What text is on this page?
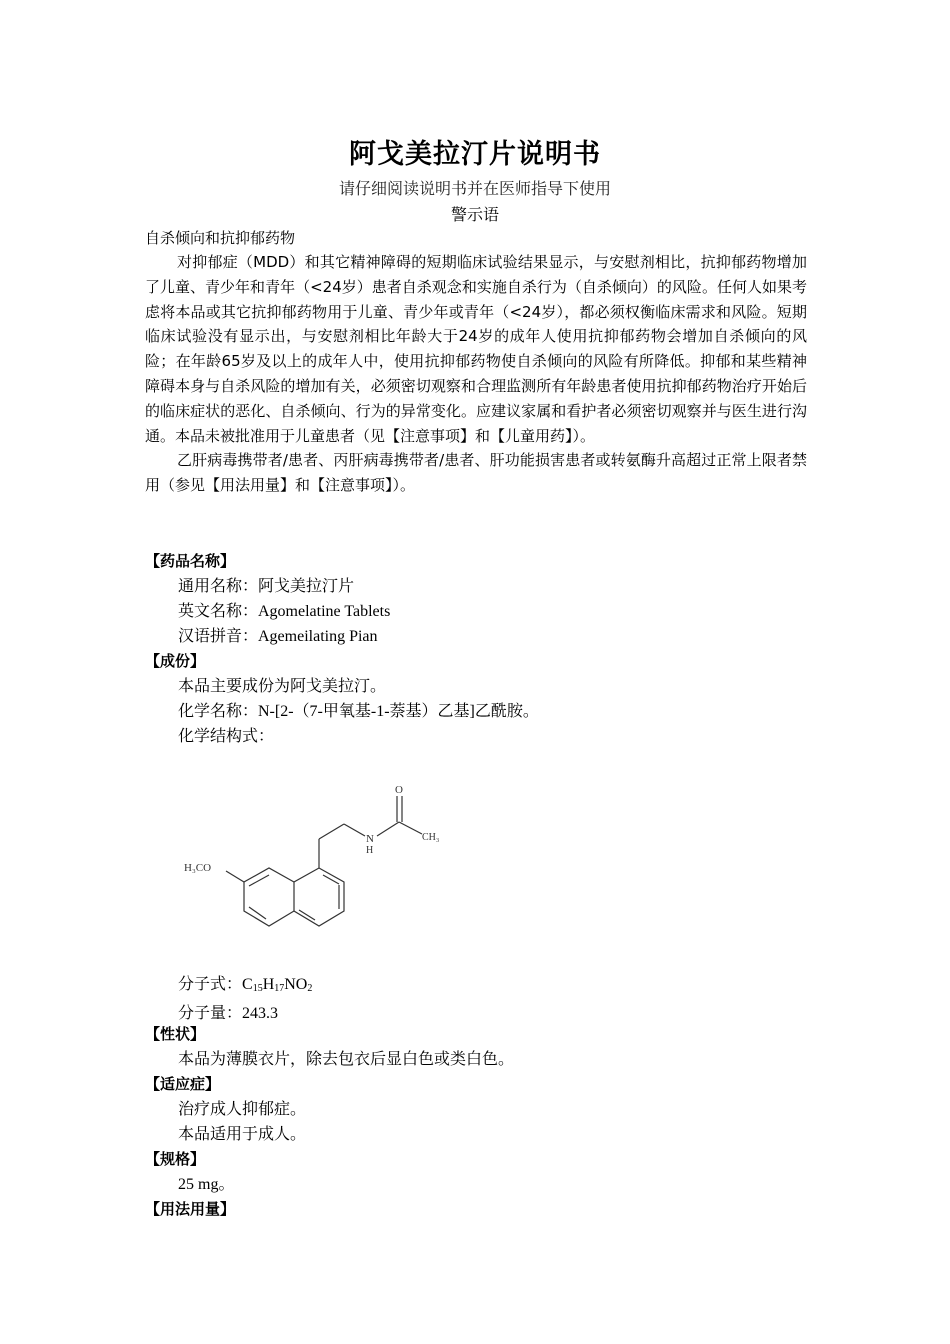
阿戈美拉汀片说明书
请仔细阅读说明书并在医师指导下使用
警示语
自杀倾向和抗抑郁药物

对抑郁症（MDD）和其它精神障碍的短期临床试验结果显示，与安慰剂相比，抗抑郁药物增加了儿童、青少年和青年（<24岁）患者自杀观念和实施自杀行为（自杀倾向）的风险。任何人如果考虑将本品或其它抗抑郁药物用于儿童、青少年或青年（<24岁），都必须权衡临床需求和风险。短期临床试验没有显示出，与安慰剂相比年龄大于24岁的成年人使用抗抑郁药物会增加自杀倾向的风险；在年龄65岁及以上的成年人中，使用抗抑郁药物使自杀倾向的风险有所降低。抑郁和某些精神障碍本身与自杀风险的增加有关，必须密切观察和合理监测所有年龄患者使用抗抑郁药物治疗开始后的临床症状的恶化、自杀倾向、行为的异常变化。应建议家属和看护者必须密切观察并与医生进行沟通。本品未被批准用于儿童患者（见【注意事项】和【儿童用药】）。

乙肝病毒携带者/患者、丙肝病毒携带者/患者、肝功能损害患者或转氨酶升高超过正常上限者禁用（参见【用法用量】和【注意事项】）。

【药品名称】
通用名称：阿戈美拉汀片
英文名称：Agomelatine Tablets
汉语拼音：Agemeilating Pian
【成份】
本品主要成份为阿戈美拉汀。
化学名称：N-[2-（7-甲氧基-1-萘基）乙基]乙酰胺。
化学结构式：
O
N
H
CH₃
H₃CO
分子式：$C_{15}H_{17}NO_2$
分子量：243.3
【性状】
本品为薄膜衣片，除去包衣后显白色或类白色。
【适应症】
治疗成人抑郁症。
本品适用于成人。
【规格】
25 mg。
【用法用量】
